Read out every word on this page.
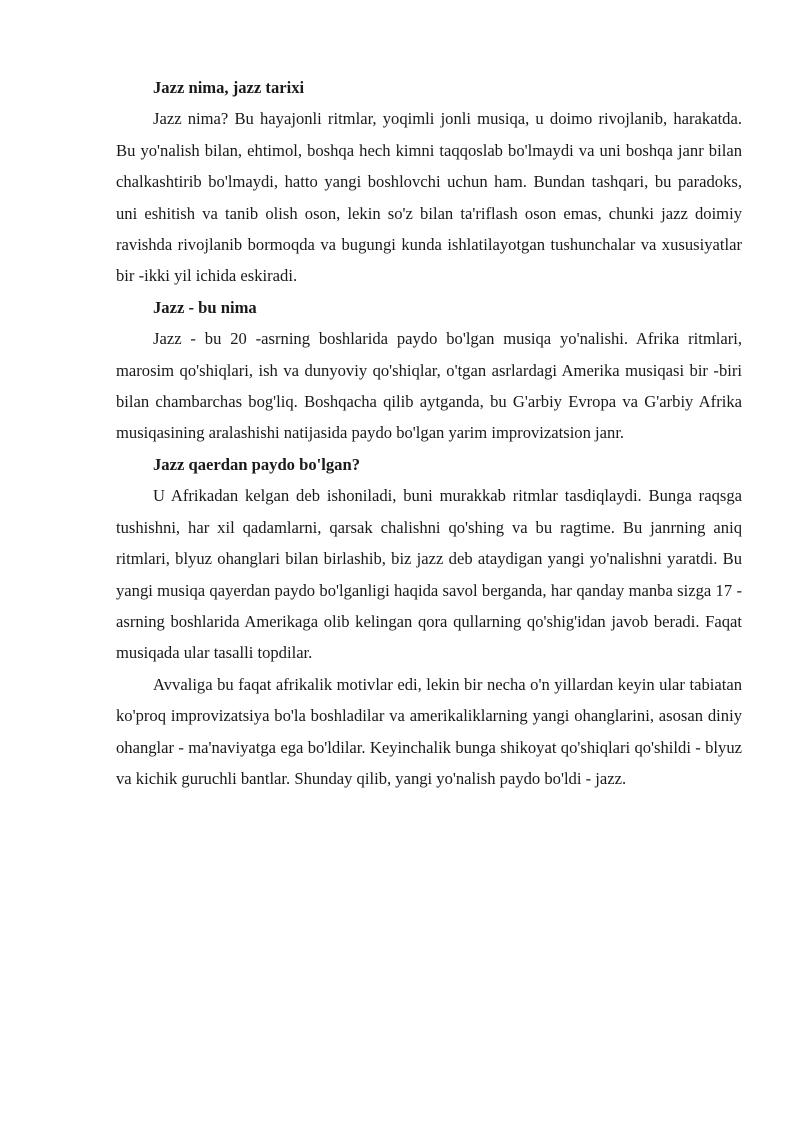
Jazz nima, jazz tarixi

Jazz nima? Bu hayajonli ritmlar, yoqimli jonli musiqa, u doimo rivojlanib, harakatda. Bu yo'nalish bilan, ehtimol, boshqa hech kimni taqqoslab bo'lmaydi va uni boshqa janr bilan chalkashtirib bo'lmaydi, hatto yangi boshlovchi uchun ham. Bundan tashqari, bu paradoks, uni eshitish va tanib olish oson, lekin so'z bilan ta'riflash oson emas, chunki jazz doimiy ravishda rivojlanib bormoqda va bugungi kunda ishlatilayotgan tushunchalar va xususiyatlar bir -ikki yil ichida eskiradi.

Jazz - bu nima

Jazz - bu 20 -asrning boshlarida paydo bo'lgan musiqa yo'nalishi. Afrika ritmlari, marosim qo'shiqlari, ish va dunyoviy qo'shiqlar, o'tgan asrlardagi Amerika musiqasi bir -biri bilan chambarchas bog'liq. Boshqacha qilib aytganda, bu G'arbiy Evropa va G'arbiy Afrika musiqasining aralashishi natijasida paydo bo'lgan yarim improvizatsion janr.

Jazz qaerdan paydo bo'lgan?

U Afrikadan kelgan deb ishoniladi, buni murakkab ritmlar tasdiqlaydi. Bunga raqsga tushishni, har xil qadamlarni, qarsak chalishni qo'shing va bu ragtime. Bu janrning aniq ritmlari, blyuz ohanglari bilan birlashib, biz jazz deb ataydigan yangi yo'nalishni yaratdi. Bu yangi musiqa qayerdan paydo bo'lganligi haqida savol berganda, har qanday manba sizga 17 -asrning boshlarida Amerikaga olib kelingan qora qullarning qo'shig'idan javob beradi. Faqat musiqada ular tasalli topdilar.

Avvaliga bu faqat afrikalik motivlar edi, lekin bir necha o'n yillardan keyin ular tabiatan ko'proq improvizatsiya bo'la boshladilar va amerikaliklarning yangi ohanglarini, asosan diniy ohanglar - ma'naviyatga ega bo'ldilar. Keyinchalik bunga shikoyat qo'shiqlari qo'shildi - blyuz va kichik guruchli bantlar. Shunday qilib, yangi yo'nalish paydo bo'ldi - jazz.
